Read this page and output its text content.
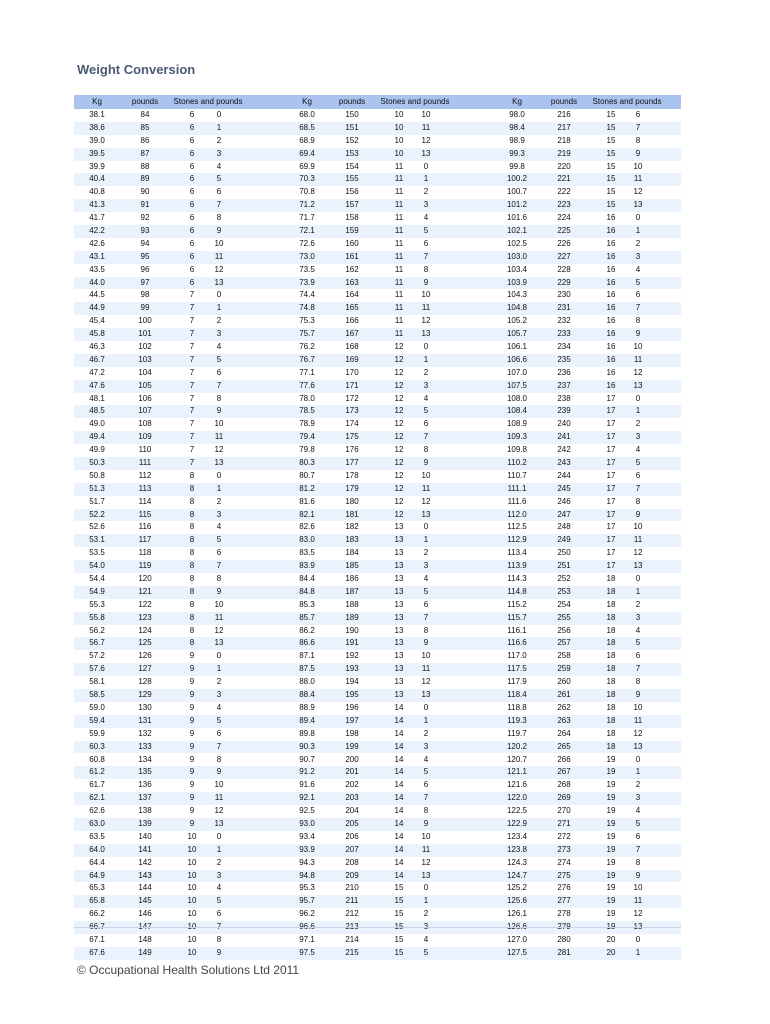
Weight Conversion
Kg	pounds Stones and pounds	Kg	pounds Stones and pounds	Kg	pounds Stones and pounds
38.1	84	6	0	68.0	150	10 10	98.0	216	15	6
38.6	85	6	1	68.5	151	10 11	98.4	217	15	7
39.0	86	6	2	68.9	152	10 12	98.9	218	15	8
39.5	87	6	3	69.4	153	10 13	99.3	219	15	9
39.9	88	6	4	69.9	154	11	0	99.8	220	15 10
40.4	89	6	5	70.3	155	11	1	100.2	221	15 11
40.8	90	6	6	70.8	156	11	2	100.7	222	15 12
41.3	91	6	7	71.2	157	11	3	101.2	223	15 13
41.7	92	6	8	71.7	158	11	4	101.6	224	16	0
42.2	93	6	9	72.1	159	11	5	102.1	225	16	1
42.6	94	6	10	72.6	160	11	6	102.5	226	16	2
43.1	95	6	11	73.0	161	11	7	103.0	227	16	3
43.5	96	6	12	73.5	162	11	8	103.4	228	16	4
44.0	97	6	13	73.9	163	11	9	103.9	229	16	5
44.5	98	7	0	74.4	164	11 10	104.3	230	16	6
44.9	99	7	1	74.8	165	11 11	104.8	231	16	7
45.4	100	7	2	75.3	166	11 12	105.2	232	16	8
45.8	101	7	3	75.7	167	11 13	105.7	233	16	9
46.3	102	7	4	76.2	168	12	0	106.1	234	16 10
46.7	103	7	5	76.7	169	12	1	106.6	235	16 11
47.2	104	7	6	77.1	170	12	2	107.0	236	16 12
47.6	105	7	7	77.6	171	12	3	107.5	237	16 13
48.1	106	7	8	78.0	172	12	4	108.0	238	17	0
48.5	107	7	9	78.5	173	12	5	108.4	239	17	1
49.0	108	7	10	78.9	174	12	6	108.9	240	17	2
49.4	109	7	11	79.4	175	12	7	109.3	241	17	3
49.9	110	7	12	79.8	176	12	8	109.8	242	17	4
50.3	111	7	13	80.3	177	12	9	110.2	243	17	5
50.8	112	8	0	80.7	178	12 10	110.7	244	17	6
51.3	113	8	1	81.2	179	12 11	111.1	245	17	7
51.7	114	8	2	81.6	180	12 12	111.6	246	17	8
52.2	115	8	3	82.1	181	12 13	112.0	247	17	9
52.6	116	8	4	82.6	182	13	0	112.5	248	17 10
53.1	117	8	5	83.0	183	13	1	112.9	249	17 11
53.5	118	8	6	83.5	184	13	2	113.4	250	17 12
54.0	119	8	7	83.9	185	13	3	113.9	251	17 13
54.4	120	8	8	84.4	186	13	4	114.3	252	18	0
54.9	121	8	9	84.8	187	13	5	114.8	253	18	1
55.3	122	8	10	85.3	188	13	6	115.2	254	18	2
55.8	123	8	11	85.7	189	13	7	115.7	255	18	3
56.2	124	8	12	86.2	190	13	8	116.1	256	18	4
56.7	125	8	13	86.6	191	13	9	116.6	257	18	5
57.2	126	9	0	87.1	192	13 10	117.0	258	18	6
57.6	127	9	1	87.5	193	13 11	117.5	259	18	7
58.1	128	9	2	88.0	194	13 12	117.9	260	18	8
58.5	129	9	3	88.4	195	13 13	118.4	261	18	9
59.0	130	9	4	88.9	196	14	0	118.8	262	18 10
59.4	131	9	5	89.4	197	14	1	119.3	263	18 11
59.9	132	9	6	89.8	198	14	2	119.7	264	18 12
60.3	133	9	7	90.3	199	14	3	120.2	265	18 13
60.8	134	9	8	90.7	200	14	4	120.7	266	19	0
61.2	135	9	9	91.2	201	14	5	121.1	267	19	1
61.7	136	9	10	91.6	202	14	6	121.6	268	19	2
62.1	137	9	11	92.1	203	14	7	122.0	269	19	3
62.6	138	9	12	92.5	204	14	8	122.5	270	19	4
63.0	139	9	13	93.0	205	14	9	122.9	271	19	5
63.5	140	10	0	93.4	206	14 10	123.4	272	19	6
64.0	141	10	1	93.9	207	14 11	123.8	273	19	7
64.4	142	10	2	94.3	208	14 12	124.3	274	19	8
64.9	143	10	3	94.8	209	14 13	124.7	275	19	9
65.3	144	10	4	95.3	210	15	0	125.2	276	19 10
65.8	145	10	5	95.7	211	15	1	125.6	277	19 11
66.2	146	10	6	96.2	212	15	2	126.1	278	19 12
66.7	147	10	7	96.6	213	15	3	126.6	279	19 13
67.1	148	10	8	97.1	214	15	4	127.0	280	20	0
67.6	149	10	9	97.5	215	15	5	127.5	281	20	1
© Occupational Health Solutions Ltd 2011
